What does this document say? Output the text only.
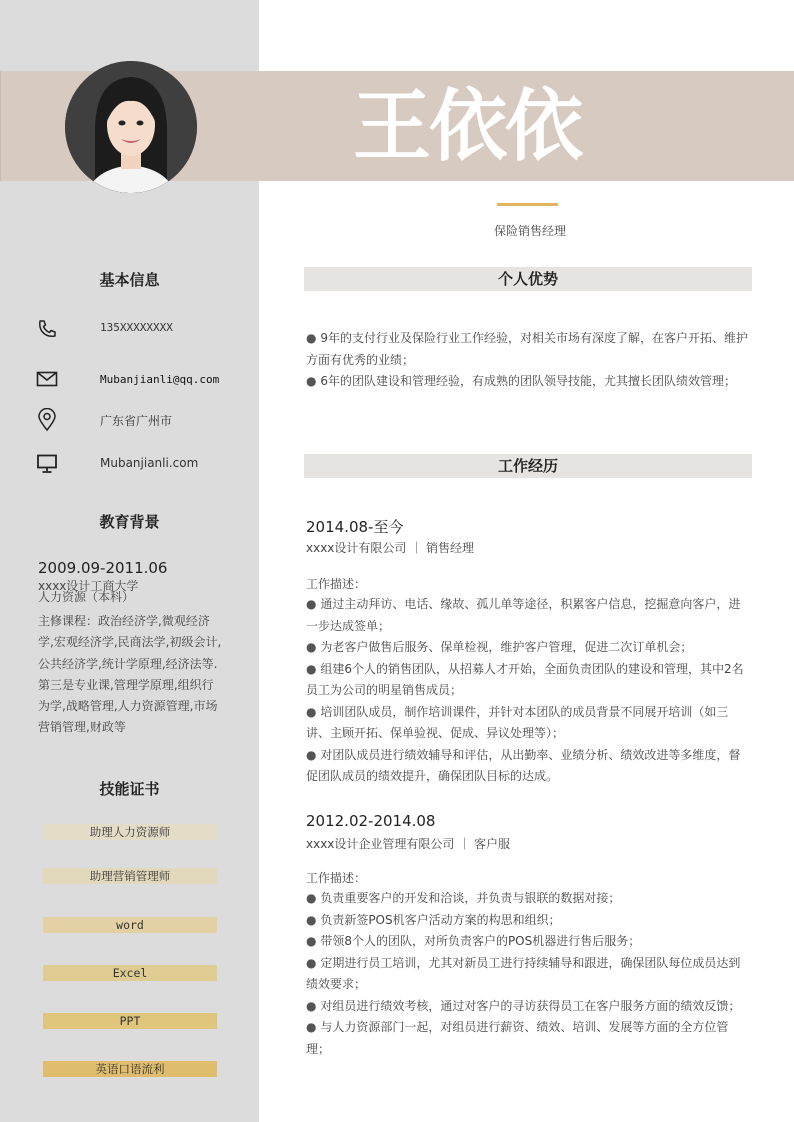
王依依
保险销售经理
基本信息
135XXXXXXXX
Mubanjianli@qq.com
广东省广州市
Mubanjianli.com
教育背景
2009.09-2011.06
xxxx设计工商大学
人力资源（本科）
主修课程：政治经济学,微观经济学,宏观经济学,民商法学,初级会计,公共经济学,统计学原理,经济法等.第三是专业课,管理学原理,组织行为学,战略管理,人力资源管理,市场营销管理,财政等
技能证书
助理人力资源师
助理营销管理师
word
Excel
PPT
英语口语流利
个人优势

● 9年的支付行业及保险行业工作经验，对相关市场有深度了解，在客户开拓、维护方面有优秀的业绩；

● 6年的团队建设和管理经验，有成熟的团队领导技能，尤其擅长团队绩效管理；

工作经历
2014.08-至今
xxxx设计有限公司 ｜ 销售经理
工作描述：

● 通过主动拜访、电话、缘故、孤儿单等途径，积累客户信息，挖掘意向客户，进一步达成签单；

● 为老客户做售后服务、保单检视，维护客户管理，促进二次订单机会；

● 组建6个人的销售团队，从招募人才开始，全面负责团队的建设和管理，其中2名员工为公司的明星销售成员；

● 培训团队成员，制作培训课件，并针对本团队的成员背景不同展开培训（如三讲、主顾开拓、保单验视、促成、异议处理等）；

● 对团队成员进行绩效辅导和评估，从出勤率、业绩分析、绩效改进等多维度，督促团队成员的绩效提升，确保团队目标的达成。

2012.02-2014.08
xxxx设计企业管理有限公司 ｜ 客户服
工作描述：

● 负责重要客户的开发和洽谈，并负责与银联的数据对接；

● 负责新签POS机客户活动方案的构思和组织；

● 带领8个人的团队，对所负责客户的POS机器进行售后服务；

● 定期进行员工培训，尤其对新员工进行持续辅导和跟进，确保团队每位成员达到绩效要求；

● 对组员进行绩效考核，通过对客户的寻访获得员工在客户服务方面的绩效反馈；

● 与人力资源部门一起，对组员进行薪资、绩效、培训、发展等方面的全方位管理；
